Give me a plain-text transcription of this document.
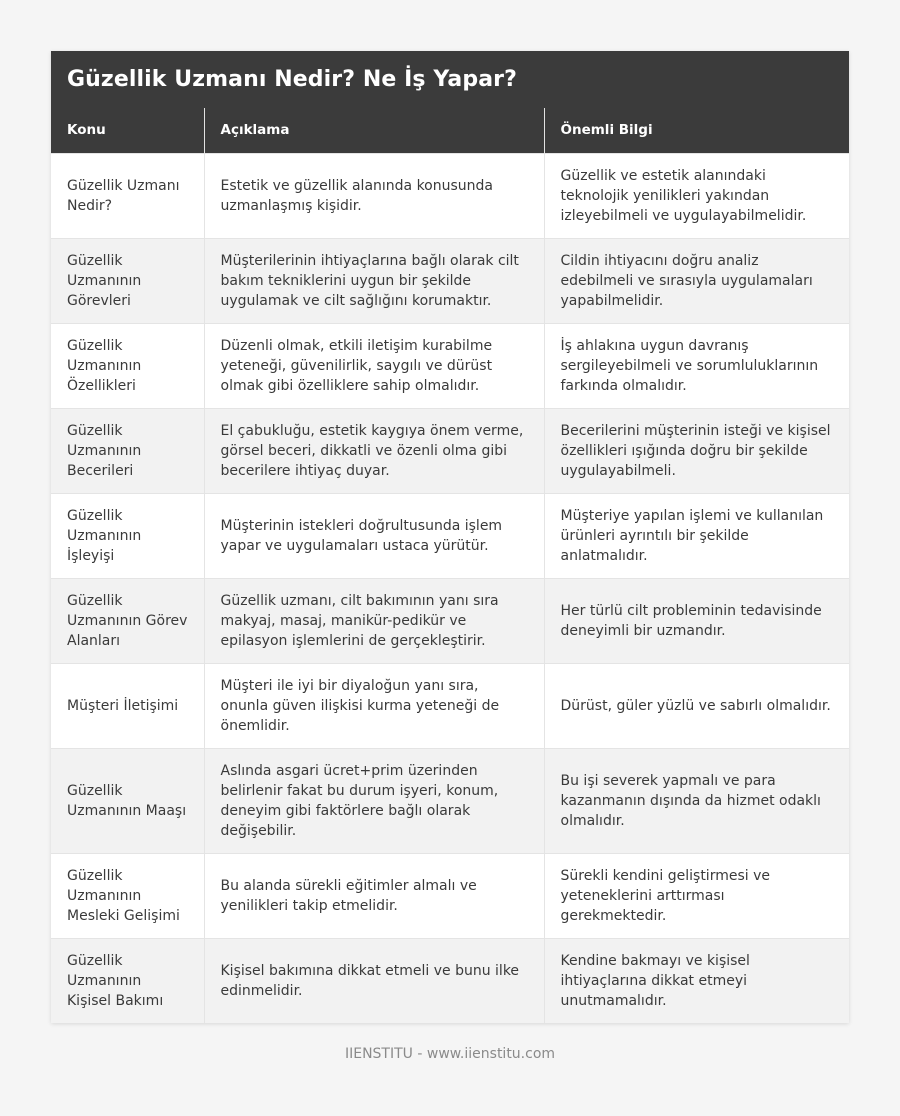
Güzellik Uzmanı Nedir? Ne İş Yapar?
Konu	Açıklama	Önemli Bilgi
Güzellik Uzmanı Nedir?	Estetik ve güzellik alanında konusunda uzmanlaşmış kişidir.	Güzellik ve estetik alanındaki teknolojik yenilikleri yakından izleyebilmeli ve uygulayabilmelidir.
Güzellik Uzmanının Görevleri	Müşterilerinin ihtiyaçlarına bağlı olarak cilt bakım tekniklerini uygun bir şekilde uygulamak ve cilt sağlığını korumaktır.	Cildin ihtiyacını doğru analiz edebilmeli ve sırasıyla uygulamaları yapabilmelidir.
Güzellik Uzmanının Özellikleri	Düzenli olmak, etkili iletişim kurabilme yeteneği, güvenilirlik, saygılı ve dürüst olmak gibi özelliklere sahip olmalıdır.	İş ahlakına uygun davranış sergileyebilmeli ve sorumluluklarının farkında olmalıdır.
Güzellik Uzmanının Becerileri	El çabukluğu, estetik kaygıya önem verme, görsel beceri, dikkatli ve özenli olma gibi becerilere ihtiyaç duyar.	Becerilerini müşterinin isteği ve kişisel özellikleri ışığında doğru bir şekilde uygulayabilmeli.
Güzellik Uzmanının İşleyişi	Müşterinin istekleri doğrultusunda işlem yapar ve uygulamaları ustaca yürütür.	Müşteriye yapılan işlemi ve kullanılan ürünleri ayrıntılı bir şekilde anlatmalıdır.
Güzellik Uzmanının Görev Alanları	Güzellik uzmanı, cilt bakımının yanı sıra makyaj, masaj, manikür-pedikür ve epilasyon işlemlerini de gerçekleştirir.	Her türlü cilt probleminin tedavisinde deneyimli bir uzmandır.
Müşteri İletişimi	Müşteri ile iyi bir diyaloğun yanı sıra, onunla güven ilişkisi kurma yeteneği de önemlidir.	Dürüst, güler yüzlü ve sabırlı olmalıdır.
Güzellik Uzmanının Maaşı	Aslında asgari ücret+prim üzerinden belirlenir fakat bu durum işyeri, konum, deneyim gibi faktörlere bağlı olarak değişebilir.	Bu işi severek yapmalı ve para kazanmanın dışında da hizmet odaklı olmalıdır.
Güzellik Uzmanının Mesleki Gelişimi	Bu alanda sürekli eğitimler almalı ve yenilikleri takip etmelidir.	Sürekli kendini geliştirmesi ve yeteneklerini arttırması gerekmektedir.
Güzellik Uzmanının Kişisel Bakımı	Kişisel bakımına dikkat etmeli ve bunu ilke edinmelidir.	Kendine bakmayı ve kişisel ihtiyaçlarına dikkat etmeyi unutmamalıdır.
IIENSTITU - www.iienstitu.com
